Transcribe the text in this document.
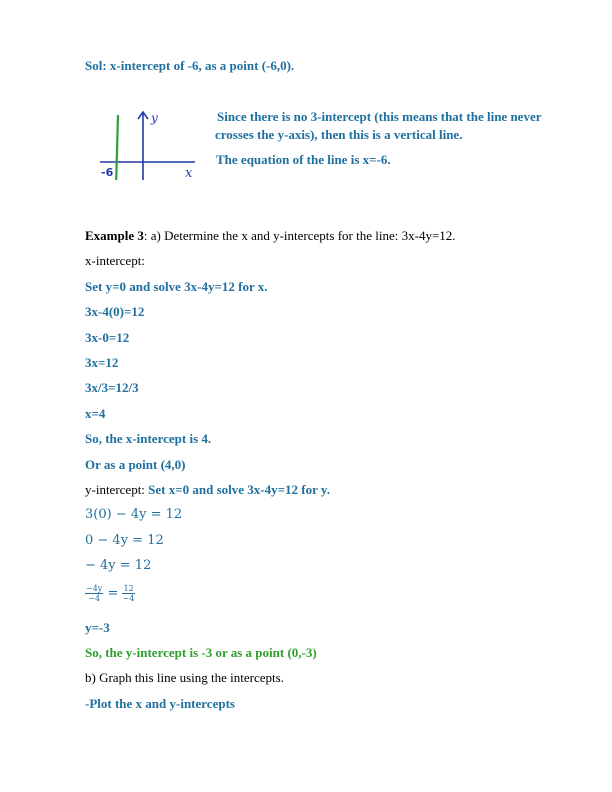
Sol: x-intercept of -6, as a point (-6,0).
y
x
-6
Since there is no 3-intercept (this means that the line never
crosses the y-axis), then this is a vertical line.
The equation of the line is x=-6.
Example 3: a) Determine the x and y-intercepts for the line: 3x-4y=12.
x-intercept:
Set y=0 and solve 3x-4y=12 for x.
3x-4(0)=12
3x-0=12
3x=12
3x/3=12/3
x=4
So, the x-intercept is 4.
Or as a point (4,0)
y-intercept: Set x=0 and solve 3x-4y=12 for y.
3(0) − 4y = 12
0 − 4y = 12
− 4y = 12
$\frac{-4y}{-4} = \frac{12}{-4}$
y=-3
So, the y-intercept is -3 or as a point (0,-3)
b) Graph this line using the intercepts.
-Plot the x and y-intercepts
